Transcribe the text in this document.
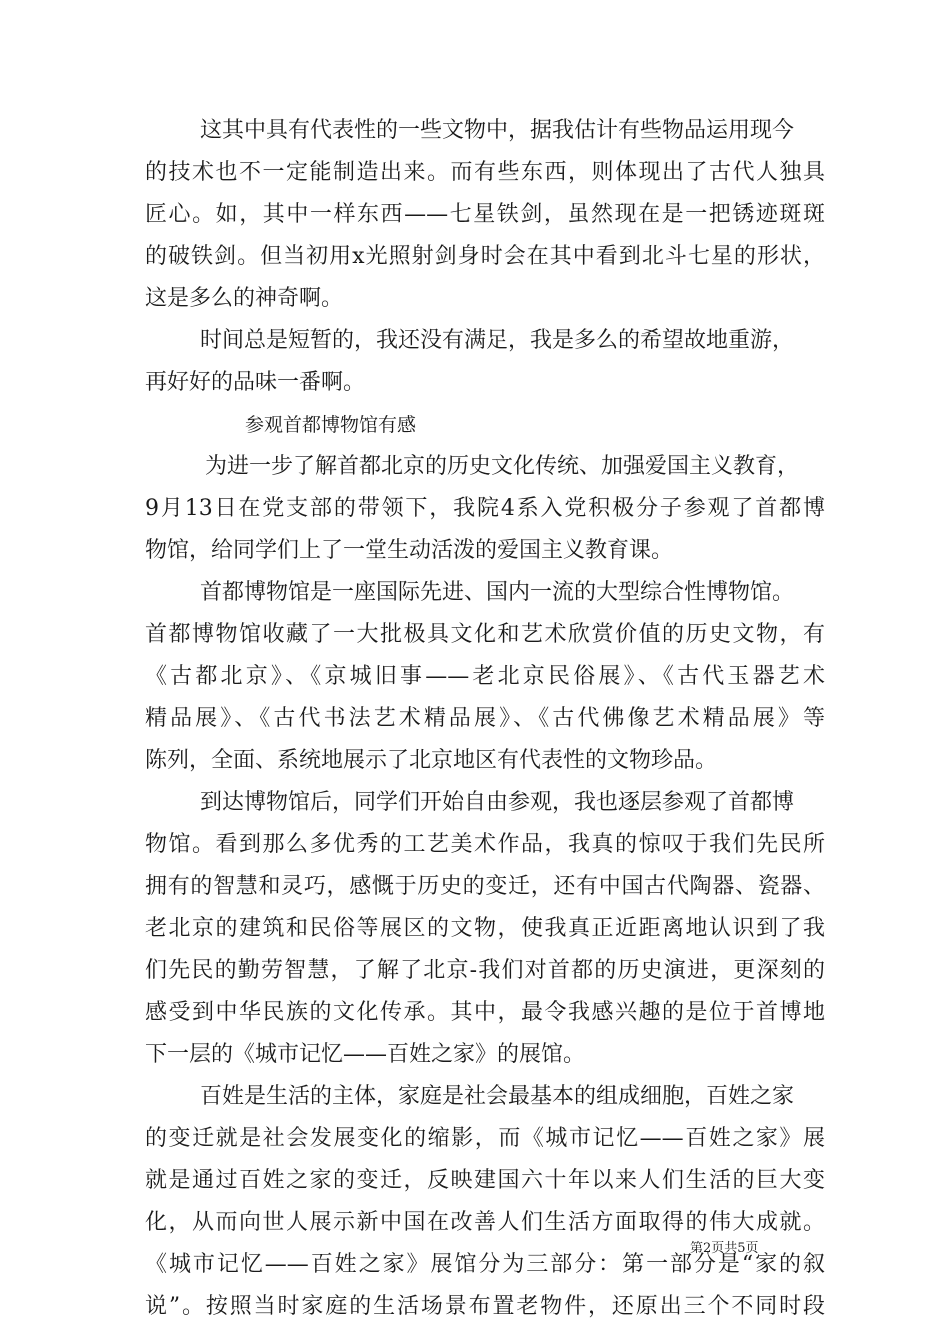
这其中具有代表性的一些文物中，据我估计有些物品运用现今
的技术也不一定能制造出来。而有些东西，则体现出了古代人独具
匠心。如，其中一样东西——七星铁剑，虽然现在是一把锈迹斑斑
的破铁剑。但当初用x光照射剑身时会在其中看到北斗七星的形状，
这是多么的神奇啊。
时间总是短暂的，我还没有满足，我是多么的希望故地重游，
再好好的品味一番啊。
参观首都博物馆有感
为进一步了解首都北京的历史文化传统、加强爱国主义教育，
9月13日在党支部的带领下，我院4系入党积极分子参观了首都博
物馆，给同学们上了一堂生动活泼的爱国主义教育课。
首都博物馆是一座国际先进、国内一流的大型综合性博物馆。
首都博物馆收藏了一大批极具文化和艺术欣赏价值的历史文物，有
《古都北京》、《京城旧事——老北京民俗展》、《古代玉器艺术
精品展》、《古代书法艺术精品展》、《古代佛像艺术精品展》等
陈列，全面、系统地展示了北京地区有代表性的文物珍品。
到达博物馆后，同学们开始自由参观，我也逐层参观了首都博
物馆。看到那么多优秀的工艺美术作品，我真的惊叹于我们先民所
拥有的智慧和灵巧，感慨于历史的变迁，还有中国古代陶器、瓷器、
老北京的建筑和民俗等展区的文物，使我真正近距离地认识到了我
们先民的勤劳智慧，了解了北京-我们对首都的历史演进，更深刻的
感受到中华民族的文化传承。其中，最令我感兴趣的是位于首博地
下一层的《城市记忆——百姓之家》的展馆。
百姓是生活的主体，家庭是社会最基本的组成细胞，百姓之家
的变迁就是社会发展变化的缩影，而《城市记忆——百姓之家》展
就是通过百姓之家的变迁，反映建国六十年以来人们生活的巨大变
化，从而向世人展示新中国在改善人们生活方面取得的伟大成就。
《城市记忆——百姓之家》展馆分为三部分：第一部分是“家的叙
说”。按照当时家庭的生活场景布置老物件，还原出三个不同时段
第2页共5页
